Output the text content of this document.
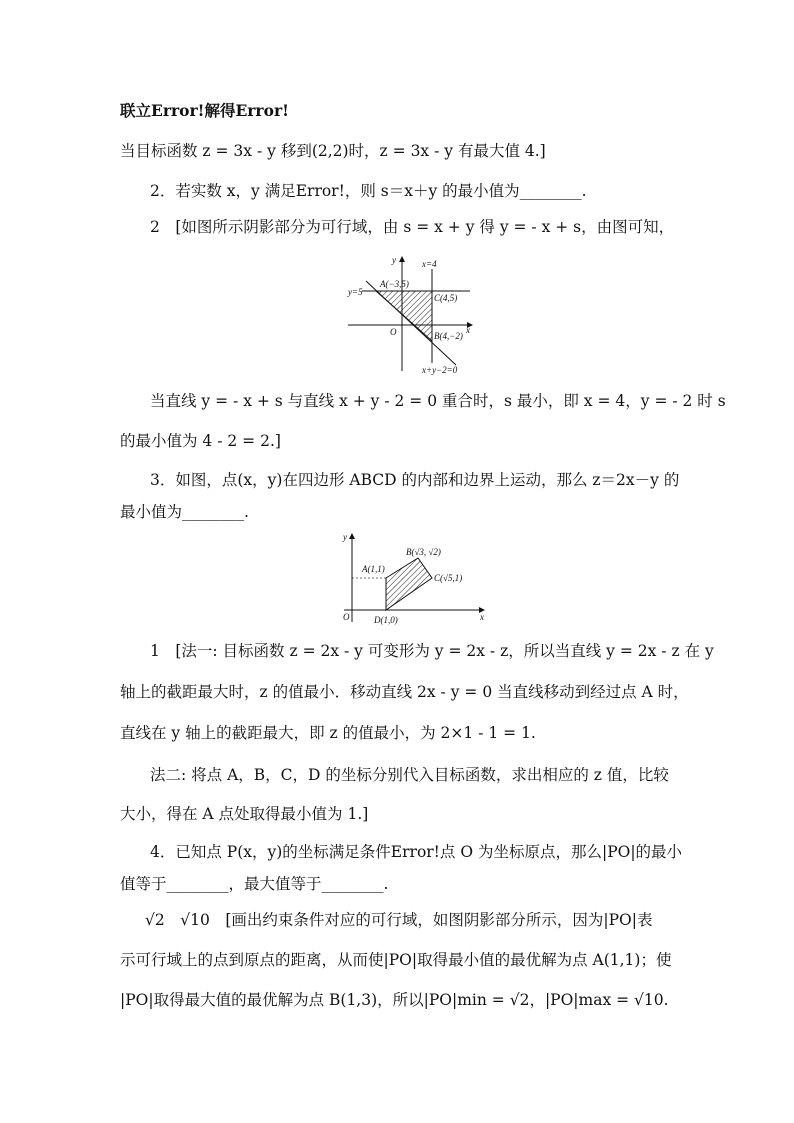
联立Error!解得Error!
当目标函数 z = 3x - y 移到(2,2)时，z = 3x - y 有最大值 4.]
2．若实数 x，y 满足Error!，则 s＝x＋y 的最小值为________.
2　[如图所示阴影部分为可行域，由 s = x + y 得 y = - x + s，由图可知，
y
x
O
y=5
x=4
x+y−2=0
A(−3,5)
C(4,5)
B(4,−2)
当直线 y = - x + s 与直线 x + y - 2 = 0 重合时，s 最小，即 x = 4，y = - 2 时 s
的最小值为 4 - 2 = 2.]
3．如图，点(x，y)在四边形 ABCD 的内部和边界上运动，那么 z＝2x－y 的
最小值为________.
y
x
O
A(1,1)
B(√3, √2)
C(√5,1)
D(1,0)
1　[法一: 目标函数 z = 2x - y 可变形为 y = 2x - z，所以当直线 y = 2x - z 在 y
轴上的截距最大时，z 的值最小．移动直线 2x - y = 0 当直线移动到经过点 A 时，
直线在 y 轴上的截距最大，即 z 的值最小，为 2×1 - 1 = 1.
法二: 将点 A，B，C，D 的坐标分别代入目标函数，求出相应的 z 值，比较
大小，得在 A 点处取得最小值为 1.]
4．已知点 P(x，y)的坐标满足条件Error!点 O 为坐标原点，那么|PO|的最小
值等于________，最大值等于________.
√2　√10　[画出约束条件对应的可行域，如图阴影部分所示，因为|PO|表
示可行域上的点到原点的距离，从而使|PO|取得最小值的最优解为点 A(1,1)；使
|PO|取得最大值的最优解为点 B(1,3)，所以|PO|min = √2，|PO|max = √10.
